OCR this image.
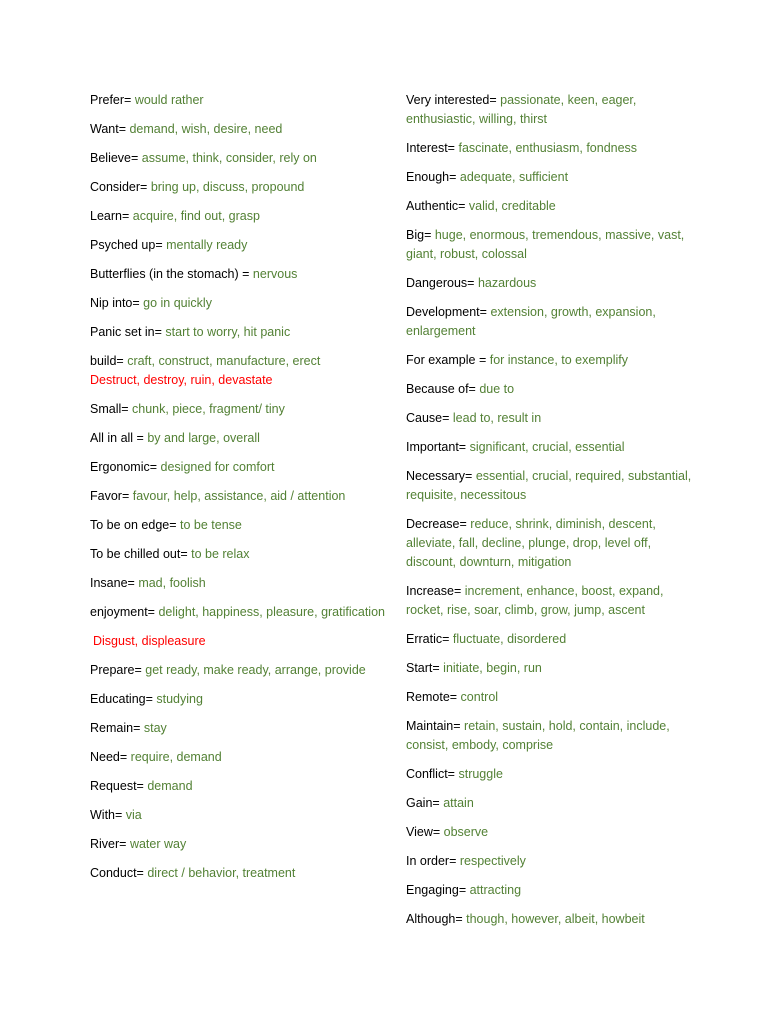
Prefer= would rather

Want= demand, wish, desire, need

Believe= assume, think, consider, rely on

Consider= bring up, discuss, propound

Learn= acquire, find out, grasp

Psyched up= mentally ready

Butterflies (in the stomach) = nervous

Nip into= go in quickly

Panic set in= start to worry, hit panic

build= craft, construct, manufacture, erect
Destruct, destroy, ruin, devastate

Small= chunk, piece, fragment/ tiny

All in all = by and large, overall

Ergonomic= designed for comfort

Favor= favour, help, assistance, aid / attention

To be on edge= to be tense

To be chilled out= to be relax

Insane= mad, foolish

enjoyment= delight, happiness, pleasure, gratification

Disgust, displeasure

Prepare= get ready, make ready, arrange, provide

Educating= studying

Remain= stay

Need= require, demand

Request= demand

With= via

River= water way

Conduct= direct / behavior, treatment

Very interested= passionate, keen, eager, enthusiastic, willing, thirst

Interest= fascinate, enthusiasm, fondness

Enough= adequate, sufficient

Authentic= valid, creditable

Big= huge, enormous, tremendous, massive, vast, giant, robust, colossal

Dangerous= hazardous

Development= extension, growth, expansion, enlargement

For example = for instance, to exemplify

Because of= due to

Cause= lead to, result in

Important= significant, crucial, essential

Necessary= essential, crucial, required, substantial, requisite, necessitous

Decrease= reduce, shrink, diminish, descent, alleviate, fall, decline, plunge, drop, level off, discount, downturn, mitigation

Increase= increment, enhance, boost, expand, rocket, rise, soar, climb, grow, jump, ascent

Erratic= fluctuate, disordered

Start= initiate, begin, run

Remote= control

Maintain= retain, sustain, hold, contain, include, consist, embody, comprise

Conflict= struggle

Gain= attain

View= observe

In order= respectively

Engaging= attracting

Although= though, however, albeit, howbeit
